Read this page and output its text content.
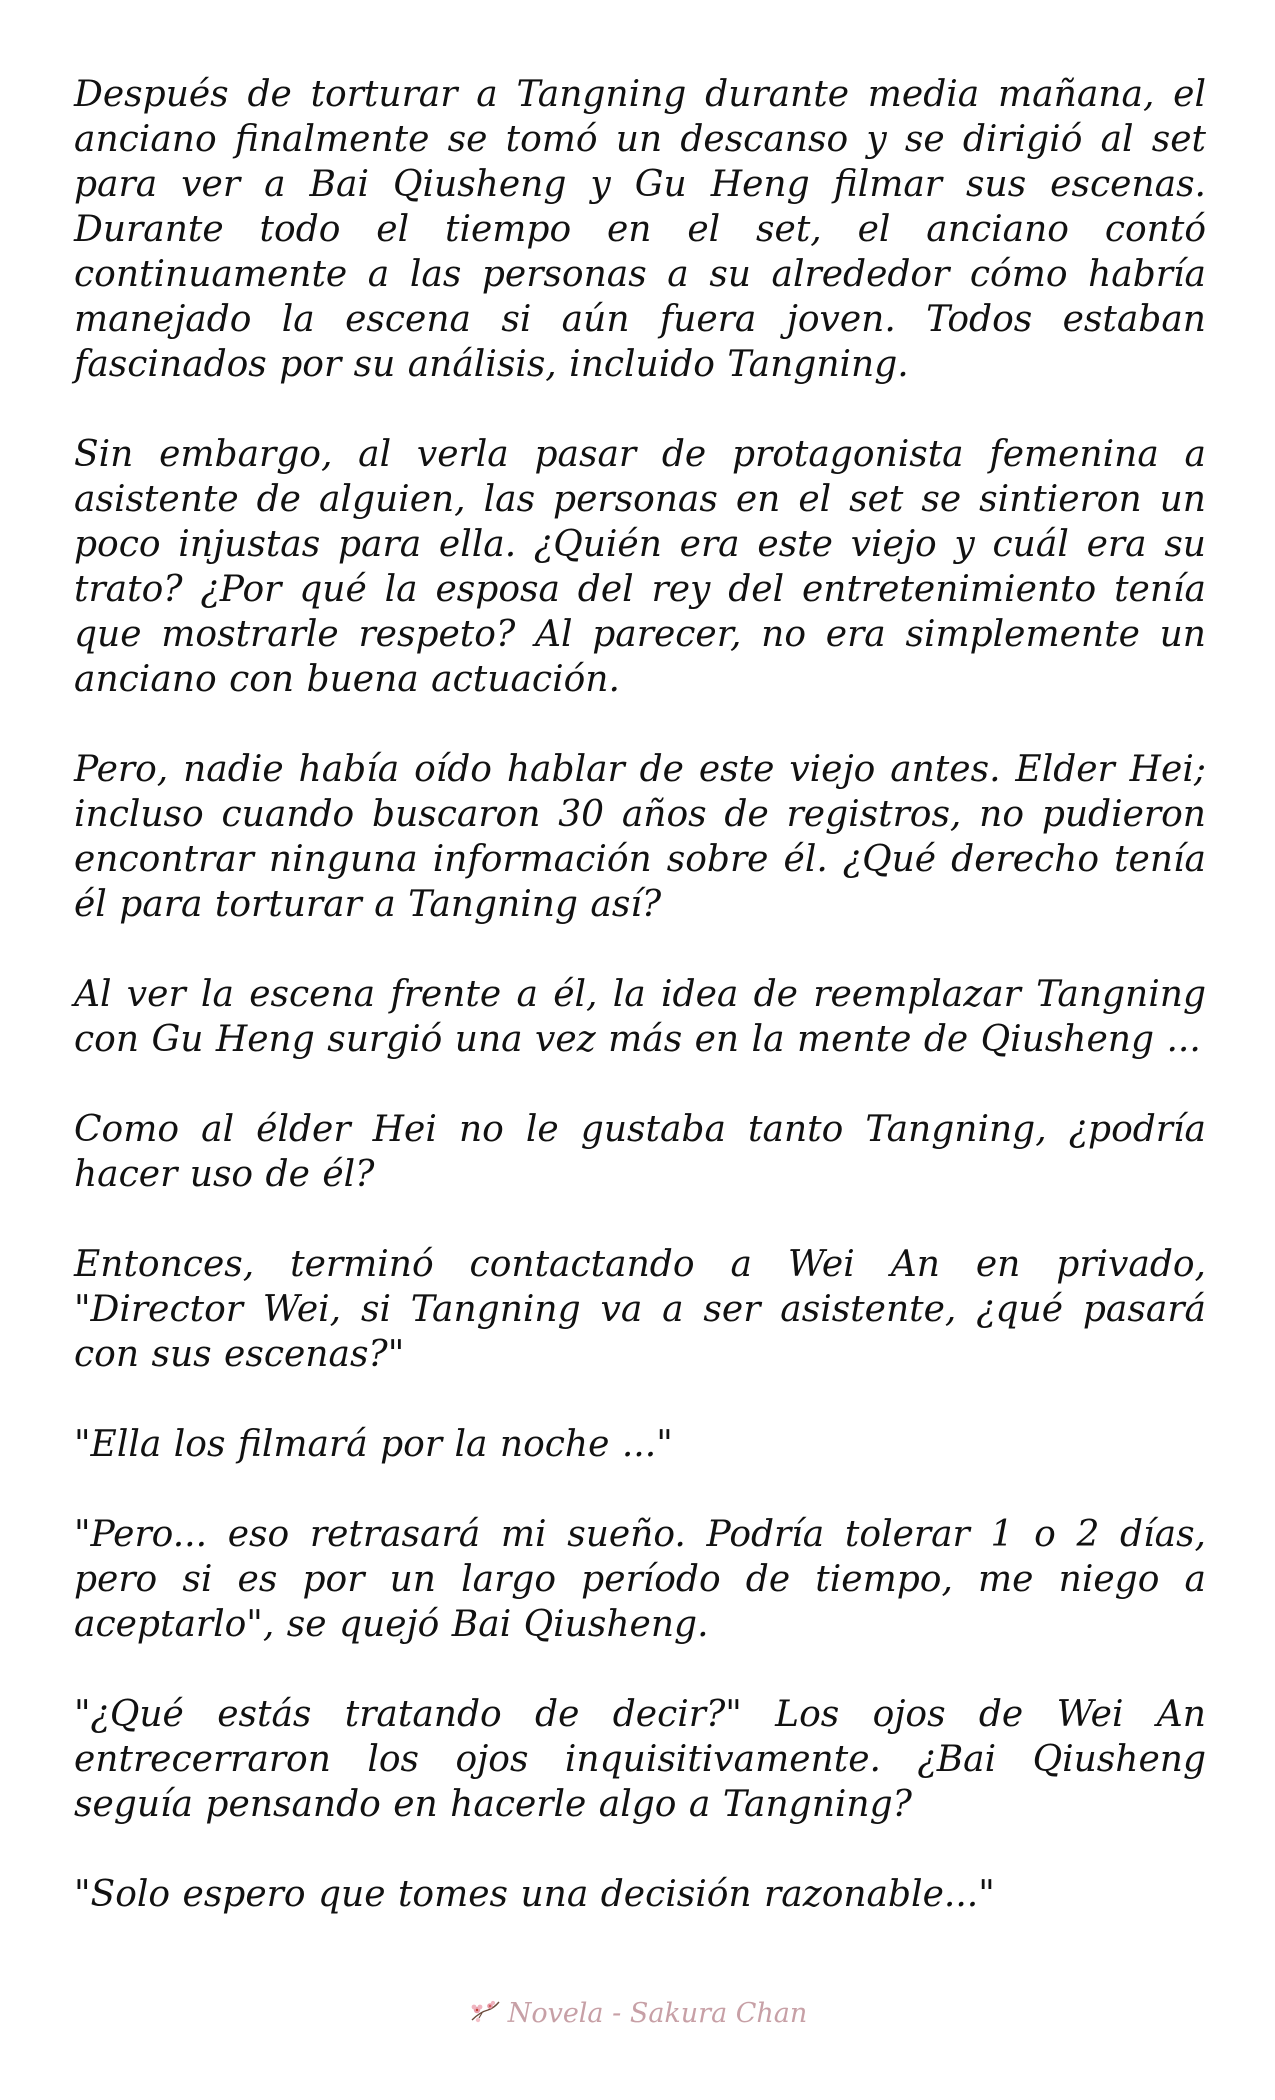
Después de torturar a Tangning durante media mañana, el anciano finalmente se tomó un descanso y se dirigió al set para ver a Bai Qiusheng y Gu Heng filmar sus escenas. Durante todo el tiempo en el set, el anciano contó continuamente a las personas a su alrededor cómo habría manejado la escena si aún fuera joven. Todos estaban fascinados por su análisis, incluido Tangning.

Sin embargo, al verla pasar de protagonista femenina a asistente de alguien, las personas en el set se sintieron un poco injustas para ella. ¿Quién era este viejo y cuál era su trato? ¿Por qué la esposa del rey del entretenimiento tenía que mostrarle respeto? Al parecer, no era simplemente un anciano con buena actuación.

Pero, nadie había oído hablar de este viejo antes. Elder Hei; incluso cuando buscaron 30 años de registros, no pudieron encontrar ninguna información sobre él. ¿Qué derecho tenía él para torturar a Tangning así?

Al ver la escena frente a él, la idea de reemplazar Tangning con Gu Heng surgió una vez más en la mente de Qiusheng ...

Como al élder Hei no le gustaba tanto Tangning, ¿podría hacer uso de él?

Entonces, terminó contactando a Wei An en privado, "Director Wei, si Tangning va a ser asistente, ¿qué pasará con sus escenas?"

"Ella los filmará por la noche ..."

"Pero... eso retrasará mi sueño. Podría tolerar 1 o 2 días, pero si es por un largo período de tiempo, me niego a aceptarlo", se quejó Bai Qiusheng.

"¿Qué estás tratando de decir?" Los ojos de Wei An entrecerraron los ojos inquisitivamente. ¿Bai Qiusheng seguía pensando en hacerle algo a Tangning?

"Solo espero que tomes una decisión razonable..."

Novela - Sakura Chan
